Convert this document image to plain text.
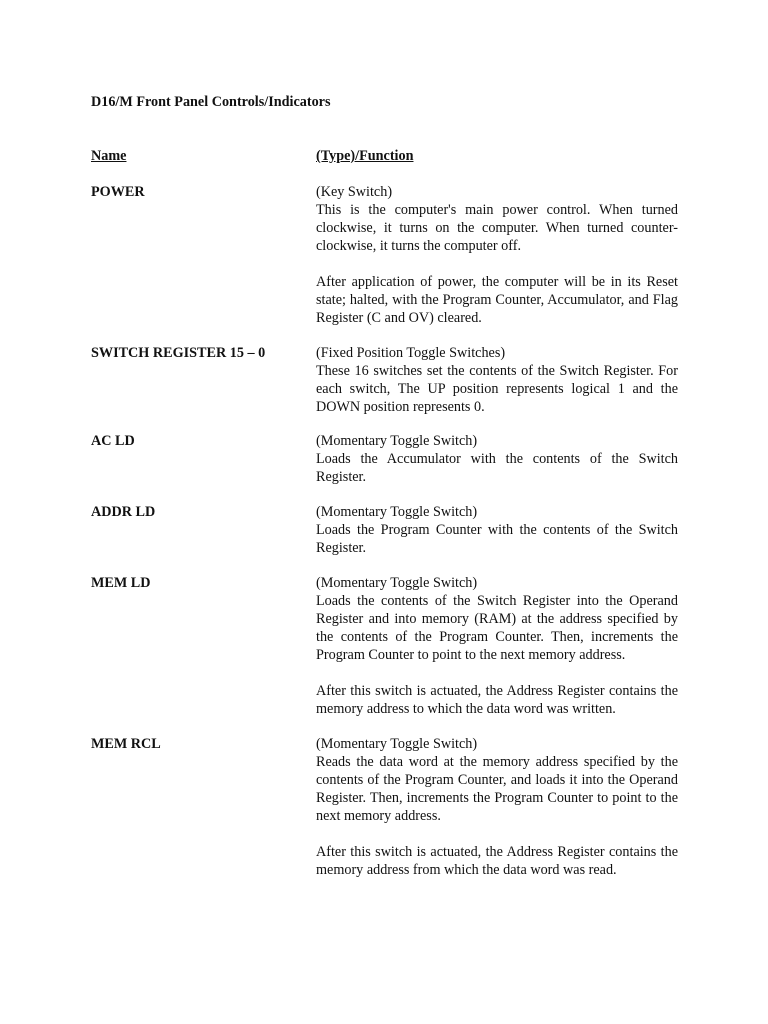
D16/M Front Panel Controls/Indicators
Name	(Type)/Function
POWER	(Key Switch)

This is the computer's main power control. When turned clockwise, it turns on the computer. When turned counter-clockwise, it turns the computer off.

After application of power, the computer will be in its Reset state; halted, with the Program Counter, Accumulator, and Flag Register (C and OV) cleared.

SWITCH REGISTER 15 – 0	(Fixed Position Toggle Switches)

These 16 switches set the contents of the Switch Register. For each switch, The UP position represents logical 1 and the DOWN position represents 0.

AC LD	(Momentary Toggle Switch)

Loads the Accumulator with the contents of the Switch Register.

ADDR LD	(Momentary Toggle Switch)

Loads the Program Counter with the contents of the Switch Register.

MEM LD	(Momentary Toggle Switch)

Loads the contents of the Switch Register into the Operand Register and into memory (RAM) at the address specified by the contents of the Program Counter. Then, increments the Program Counter to point to the next memory address.

After this switch is actuated, the Address Register contains the memory address to which the data word was written.

MEM RCL	(Momentary Toggle Switch)

Reads the data word at the memory address specified by the contents of the Program Counter, and loads it into the Operand Register. Then, increments the Program Counter to point to the next memory address.

After this switch is actuated, the Address Register contains the memory address from which the data word was read.
